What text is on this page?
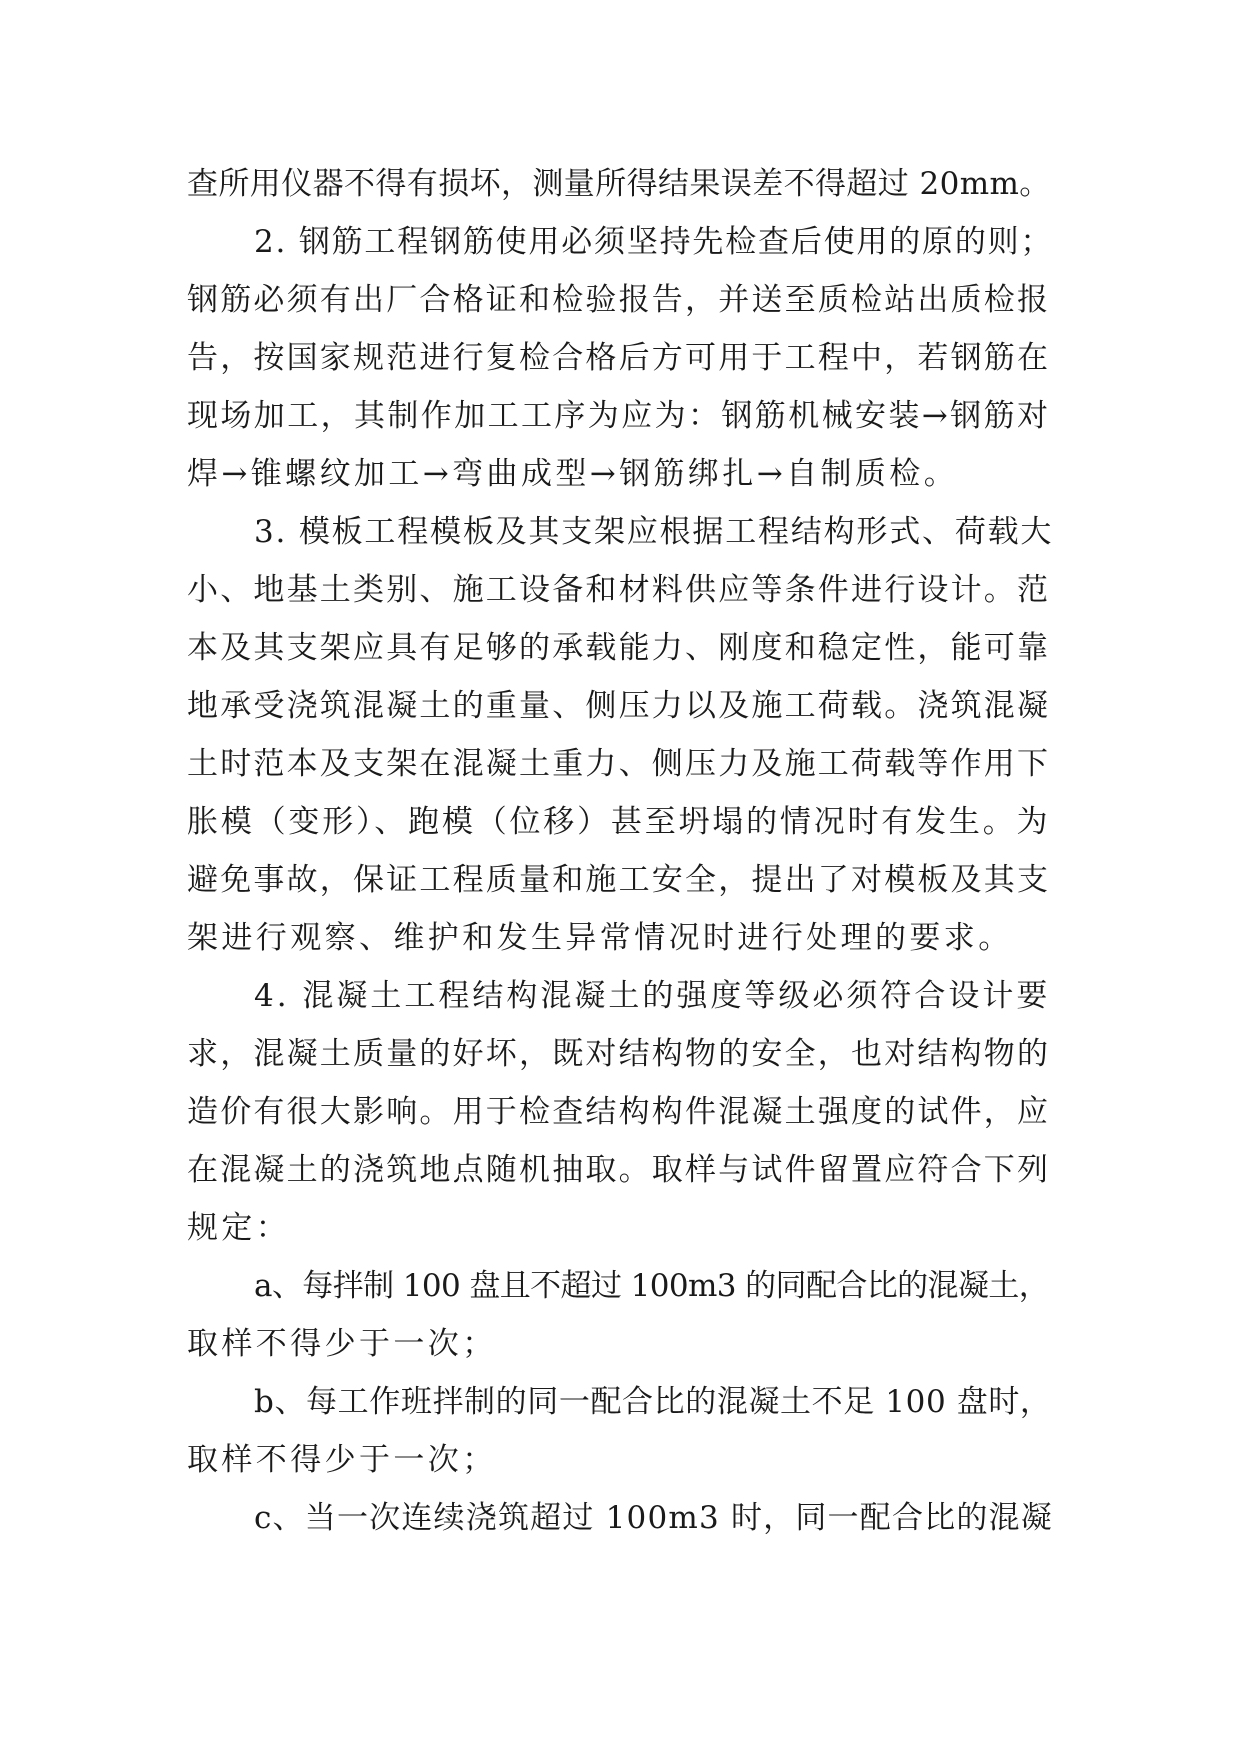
查所用仪器不得有损坏，测量所得结果误差不得超过 20mm。
2. 钢筋工程钢筋使用必须坚持先检查后使用的原的则；
钢筋必须有出厂合格证和检验报告，并送至质检站出质检报
告，按国家规范进行复检合格后方可用于工程中，若钢筋在
现场加工，其制作加工工序为应为：钢筋机械安装→钢筋对
焊→锥螺纹加工→弯曲成型→钢筋绑扎→自制质检。
3. 模板工程模板及其支架应根据工程结构形式、荷载大
小、地基土类别、施工设备和材料供应等条件进行设计。范
本及其支架应具有足够的承载能力、刚度和稳定性，能可靠
地承受浇筑混凝土的重量、侧压力以及施工荷载。浇筑混凝
土时范本及支架在混凝土重力、侧压力及施工荷载等作用下
胀模（变形）、跑模（位移）甚至坍塌的情况时有发生。为
避免事故，保证工程质量和施工安全，提出了对模板及其支
架进行观察、维护和发生异常情况时进行处理的要求。
4. 混凝土工程结构混凝土的强度等级必须符合设计要
求，混凝土质量的好坏，既对结构物的安全，也对结构物的
造价有很大影响。用于检查结构构件混凝土强度的试件，应
在混凝土的浇筑地点随机抽取。取样与试件留置应符合下列
规定：
a、每拌制 100 盘且不超过 100m3 的同配合比的混凝土，
取样不得少于一次；
b、每工作班拌制的同一配合比的混凝土不足 100 盘时，
取样不得少于一次；
c、当一次连续浇筑超过 100m3 时，同一配合比的混凝
